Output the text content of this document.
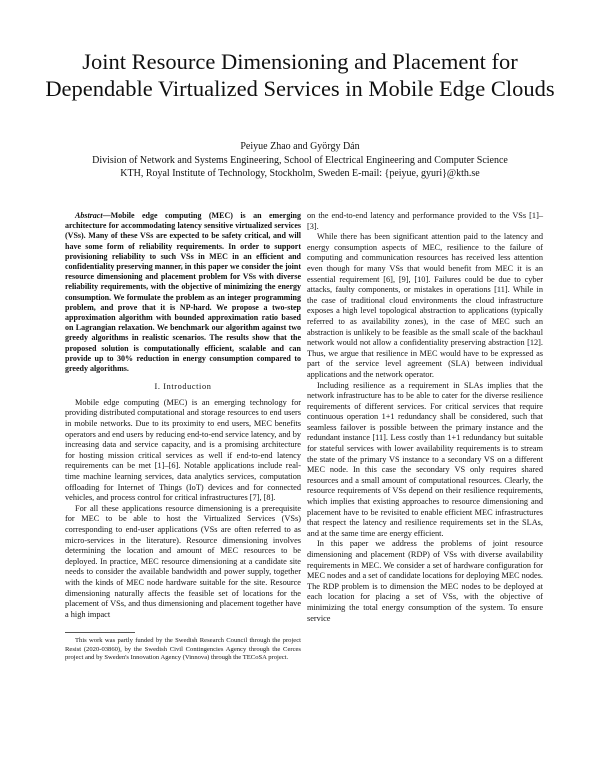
Joint Resource Dimensioning and Placement for Dependable Virtualized Services in Mobile Edge Clouds
Peiyue Zhao and György Dán
Division of Network and Systems Engineering, School of Electrical Engineering and Computer Science
KTH, Royal Institute of Technology, Stockholm, Sweden E-mail: {peiyue, gyuri}@kth.se

Abstract—Mobile edge computing (MEC) is an emerging architecture for accommodating latency sensitive virtualized services (VSs). Many of these VSs are expected to be safety critical, and will have some form of reliability requirements. In order to support provisioning reliability to such VSs in MEC in an efficient and confidentiality preserving manner, in this paper we consider the joint resource dimensioning and placement problem for VSs with diverse reliability requirements, with the objective of minimizing the energy consumption. We formulate the problem as an integer programming problem, and prove that it is NP-hard. We propose a two-step approximation algorithm with bounded approximation ratio based on Lagrangian relaxation. We benchmark our algorithm against two greedy algorithms in realistic scenarios. The results show that the proposed solution is computationally efficient, scalable and can provide up to 30% reduction in energy consumption compared to greedy algorithms.

I. Introduction

Mobile edge computing (MEC) is an emerging technology for providing distributed computational and storage resources to end users in mobile networks. Due to its proximity to end users, MEC benefits operators and end users by reducing end-to-end service latency, and by increasing data and service capacity, and is a promising architecture for hosting mission critical services as well if end-to-end latency requirements can be met [1]–[6]. Notable applications include real-time machine learning services, data analytics services, computation offloading for Internet of Things (IoT) devices and for connected vehicles, and process control for critical infrastructures [7], [8].

For all these applications resource dimensioning is a prerequisite for MEC to be able to host the Virtualized Services (VSs) corresponding to end-user applications (VSs are often referred to as micro-services in the literature). Resource dimensioning involves determining the location and amount of MEC resources to be deployed. In practice, MEC resource dimensioning at a candidate site needs to consider the available bandwidth and power supply, together with the kinds of MEC node hardware suitable for the site. Resource dimensioning naturally affects the feasible set of locations for the placement of VSs, and thus dimensioning and placement together have a high impact

This work was partly funded by the Swedish Research Council through the project Resist (2020-03860), by the Swedish Civil Contingencies Agency through the Cerces project and by Sweden's Innovation Agency (Vinnova) through the TECoSA project.

on the end-to-end latency and performance provided to the VSs [1]–[3].

While there has been significant attention paid to the latency and energy consumption aspects of MEC, resilience to the failure of computing and communication resources has received less attention even though for many VSs that would benefit from MEC it is an essential requirement [6], [9], [10]. Failures could be due to cyber attacks, faulty components, or mistakes in operations [11]. While in the case of traditional cloud environments the cloud infrastructure exposes a high level topological abstraction to applications (typically referred to as availability zones), in the case of MEC such an abstraction is unlikely to be feasible as the small scale of the backhaul network would not allow a confidentiality preserving abstraction [12]. Thus, we argue that resilience in MEC would have to be expressed as part of the service level agreement (SLA) between individual applications and the network operator.

Including resilience as a requirement in SLAs implies that the network infrastructure has to be able to cater for the diverse resilience requirements of different services. For critical services that require continuous operation 1+1 redundancy shall be considered, such that seamless failover is possible between the primary instance and the redundant instance [11]. Less costly than 1+1 redundancy but suitable for stateful services with lower availability requirements is to stream the state of the primary VS instance to a secondary VS on a different MEC node. In this case the secondary VS only requires shared resources and a small amount of computational resources. Clearly, the resource requirements of VSs depend on their resilience requirements, which implies that existing approaches to resource dimensioning and placement have to be revisited to enable efficient MEC infrastructures that respect the latency and resilience requirements set in the SLAs, and at the same time are energy efficient.

In this paper we address the problems of joint resource dimensioning and placement (RDP) of VSs with diverse availability requirements in MEC. We consider a set of hardware configuration for MEC nodes and a set of candidate locations for deploying MEC nodes. The RDP problem is to dimension the MEC nodes to be deployed at each location for placing a set of VSs, with the objective of minimizing the total energy consumption of the system. To ensure service
